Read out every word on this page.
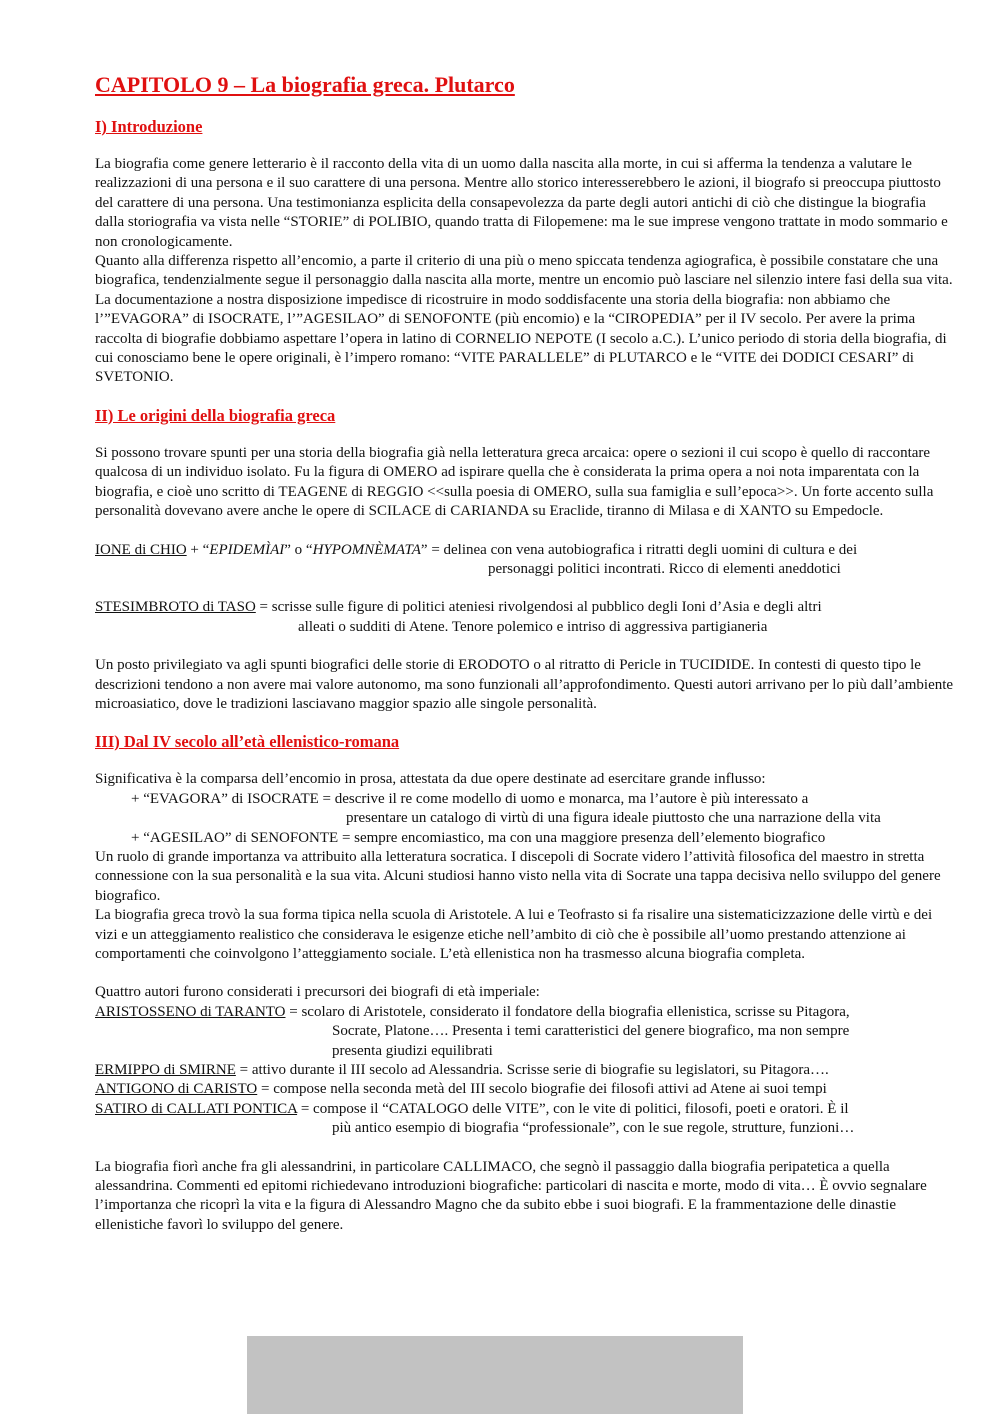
CAPITOLO 9 – La biografia greca. Plutarco
I) Introduzione

La biografia come genere letterario è il racconto della vita di un uomo dalla nascita alla morte, in cui si afferma la tendenza a valutare le realizzazioni di una persona e il suo carattere di una persona. Mentre allo storico interesserebbero le azioni, il biografo si preoccupa piuttosto del carattere di una persona. Una testimonianza esplicita della consapevolezza da parte degli autori antichi di ciò che distingue la biografia dalla storiografia va vista nelle “STORIE” di POLIBIO, quando tratta di Filopemene: ma le sue imprese vengono trattate in modo sommario e non cronologicamente.

Quanto alla differenza rispetto all’encomio, a parte il criterio di una più o meno spiccata tendenza agiografica, è possibile constatare che una biografica, tendenzialmente segue il personaggio dalla nascita alla morte, mentre un encomio può lasciare nel silenzio intere fasi della sua vita.

La documentazione a nostra disposizione impedisce di ricostruire in modo soddisfacente una storia della biografia: non abbiamo che l’”EVAGORA” di ISOCRATE, l’”AGESILAO” di SENOFONTE (più encomio) e la “CIROPEDIA” per il IV secolo. Per avere la prima raccolta di biografie dobbiamo aspettare l’opera in latino di CORNELIO NEPOTE (I secolo a.C.). L’unico periodo di storia della biografia, di cui conosciamo bene le opere originali, è l’impero romano: “VITE PARALLELE” di PLUTARCO e le “VITE dei DODICI CESARI” di SVETONIO.

II) Le origini della biografia greca

Si possono trovare spunti per una storia della biografia già nella letteratura greca arcaica: opere o sezioni il cui scopo è quello di raccontare qualcosa di un individuo isolato. Fu la figura di OMERO ad ispirare quella che è considerata la prima opera a noi nota imparentata con la biografia, e cioè uno scritto di TEAGENE di REGGIO <<sulla poesia di OMERO, sulla sua famiglia e sull’epoca>>. Un forte accento sulla personalità dovevano avere anche le opere di SCILACE di CARIANDA su Eraclide, tiranno di Milasa e di XANTO su Empedocle.

IONE di CHIO + “EPIDEMÌAI” o “HYPOMNÈMATA” = delinea con vena autobiografica i ritratti degli uomini di cultura e dei
personaggi politici incontrati. Ricco di elementi aneddotici
STESIMBROTO di TASO = scrisse sulle figure di politici ateniesi rivolgendosi al pubblico degli Ioni d’Asia e degli altri
alleati o sudditi di Atene. Tenore polemico e intriso di aggressiva partigianeria

Un posto privilegiato va agli spunti biografici delle storie di ERODOTO o al ritratto di Pericle in TUCIDIDE. In contesti di questo tipo le descrizioni tendono a non avere mai valore autonomo, ma sono funzionali all’approfondimento. Questi autori arrivano per lo più dall’ambiente microasiatico, dove le tradizioni lasciavano maggior spazio alle singole personalità.

III) Dal IV secolo all’età ellenistico-romana

Significativa è la comparsa dell’encomio in prosa, attestata da due opere destinate ad esercitare grande influsso:

+ “EVAGORA” di ISOCRATE = descrive il re come modello di uomo e monarca, ma l’autore è più interessato a
presentare un catalogo di virtù di una figura ideale piuttosto che una narrazione della vita
+ “AGESILAO” di SENOFONTE = sempre encomiastico, ma con una maggiore presenza dell’elemento biografico

Un ruolo di grande importanza va attribuito alla letteratura socratica. I discepoli di Socrate videro l’attività filosofica del maestro in stretta connessione con la sua personalità e la sua vita. Alcuni studiosi hanno visto nella vita di Socrate una tappa decisiva nello sviluppo del genere biografico.

La biografia greca trovò la sua forma tipica nella scuola di Aristotele. A lui e Teofrasto si fa risalire una sistematicizzazione delle virtù e dei vizi e un atteggiamento realistico che considerava le esigenze etiche nell’ambito di ciò che è possibile all’uomo prestando attenzione ai comportamenti che coinvolgono l’atteggiamento sociale. L’età ellenistica non ha trasmesso alcuna biografia completa.

Quattro autori furono considerati i precursori dei biografi di età imperiale:

ARISTOSSENO di TARANTO = scolaro di Aristotele, considerato il fondatore della biografia ellenistica, scrisse su Pitagora,
Socrate, Platone…. Presenta i temi caratteristici del genere biografico, ma non sempre
presenta giudizi equilibrati
ERMIPPO di SMIRNE = attivo durante il III secolo ad Alessandria. Scrisse serie di biografie su legislatori, su Pitagora….
ANTIGONO di CARISTO = compose nella seconda metà del III secolo biografie dei filosofi attivi ad Atene ai suoi tempi
SATIRO di CALLATI PONTICA = compose il “CATALOGO delle VITE”, con le vite di politici, filosofi, poeti e oratori. È il
più antico esempio di biografia “professionale”, con le sue regole, strutture, funzioni…

La biografia fiorì anche fra gli alessandrini, in particolare CALLIMACO, che segnò il passaggio dalla biografia peripatetica a quella alessandrina. Commenti ed epitomi richiedevano introduzioni biografiche: particolari di nascita e morte, modo di vita… È ovvio segnalare l’importanza che ricoprì la vita e la figura di Alessandro Magno che da subito ebbe i suoi biografi. E la frammentazione delle dinastie ellenistiche favorì lo sviluppo del genere.
